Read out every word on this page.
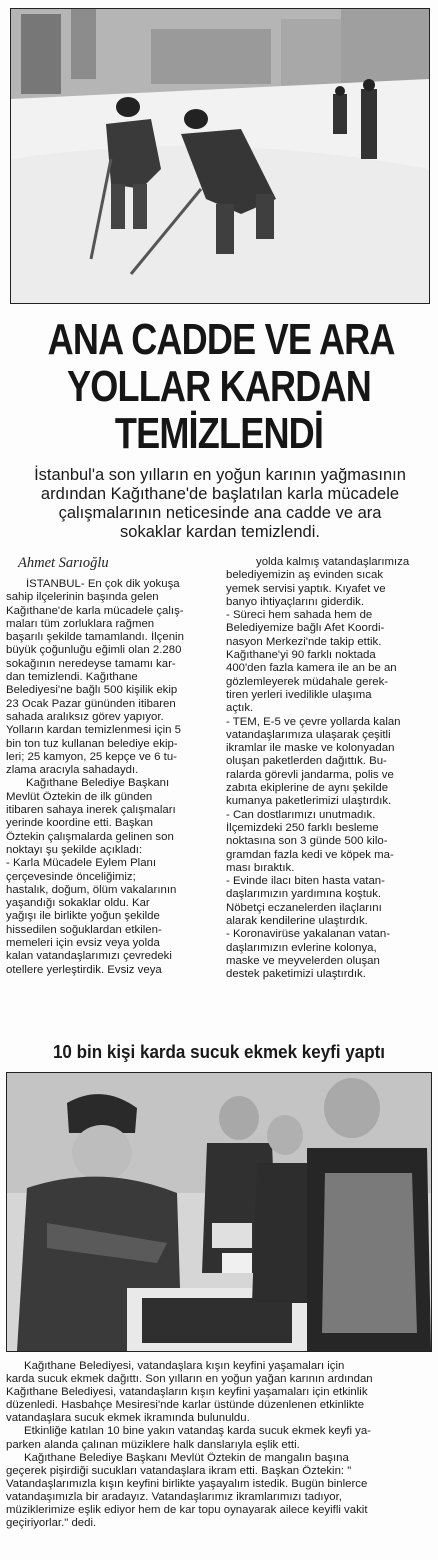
ANA CADDE VE ARA
YOLLAR KARDAN
TEMİZLENDİ
İstanbul'a son yılların en yoğun karının yağmasının
ardından Kağıthane'de başlatılan karla mücadele
çalışmalarının neticesinde ana cadde ve ara
sokaklar kardan temizlendi.
Ahmet Sarıoğlu
İSTANBUL- En çok dik yokuşa
sahip ilçelerinin başında gelen
Kağıthane'de karla mücadele çalış-
maları tüm zorluklara rağmen
başarılı şekilde tamamlandı. İlçenin
büyük çoğunluğu eğimli olan 2.280
sokağının neredeyse tamamı kar-
dan temizlendi. Kağıthane
Belediyesi'ne bağlı 500 kişilik ekip
23 Ocak Pazar gününden itibaren
sahada aralıksız görev yapıyor.
Yolların kardan temizlenmesi için 5
bin ton tuz kullanan belediye ekip-
leri; 25 kamyon, 25 kepçe ve 6 tu-
zlama aracıyla sahadaydı.
Kağıthane Belediye Başkanı
Mevlüt Öztekin de ilk günden
itibaren sahaya inerek çalışmaları
yerinde koordine etti. Başkan
Öztekin çalışmalarda gelinen son
noktayı şu şekilde açıkladı:
- Karla Mücadele Eylem Planı
çerçevesinde önceliğimiz;
hastalık, doğum, ölüm vakalarının
yaşandığı sokaklar oldu. Kar
yağışı ile birlikte yoğun şekilde
hissedilen soğuklardan etkilen-
memeleri için evsiz veya yolda
kalan vatandaşlarımızı çevredeki
otellere yerleştirdik. Evsiz veya
yolda kalmış vatandaşlarımıza
belediyemizin aş evinden sıcak
yemek servisi yaptık. Kıyafet ve
banyo ihtiyaçlarını giderdik.
- Süreci hem sahada hem de
Belediyemize bağlı Afet Koordi-
nasyon Merkezi'nde takip ettik.
Kağıthane'yi 90 farklı noktada
400'den fazla kamera ile an be an
gözlemleyerek müdahale gerek-
tiren yerleri ivedilikle ulaşıma
açtık.
- TEM, E-5 ve çevre yollarda kalan
vatandaşlarımıza ulaşarak çeşitli
ikramlar ile maske ve kolonyadan
oluşan paketlerden dağıttık. Bu-
ralarda görevli jandarma, polis ve
zabıta ekiplerine de aynı şekilde
kumanya paketlerimizi ulaştırdık.
- Can dostlarımızı unutmadık.
İlçemizdeki 250 farklı besleme
noktasına son 3 günde 500 kilo-
gramdan fazla kedi ve köpek ma-
ması bıraktık.
- Evinde ilacı biten hasta vatan-
daşlarımızın yardımına koştuk.
Nöbetçi eczanelerden ilaçlarını
alarak kendilerine ulaştırdık.
- Koronavirüse yakalanan vatan-
daşlarımızın evlerine kolonya,
maske ve meyvelerden oluşan
destek paketimizi ulaştırdık.
10 bin kişi karda sucuk ekmek keyfi yaptı
Kağıthane Belediyesi, vatandaşlara kışın keyfini yaşamaları için
karda sucuk ekmek dağıttı. Son yılların en yoğun yağan karının ardından
Kağıthane Belediyesi, vatandaşların kışın keyfini yaşamaları için etkinlik
düzenledi. Hasbahçe Mesiresi'nde karlar üstünde düzenlenen etkinlikte
vatandaşlara sucuk ekmek ikramında bulunuldu.
Etkinliğe katılan 10 bine yakın vatandaş karda sucuk ekmek keyfi ya-
parken alanda çalınan müziklere halk danslarıyla eşlik etti.
Kağıthane Belediye Başkanı Mevlüt Öztekin de mangalın başına
geçerek pişirdiği sucukları vatandaşlara ikram etti. Başkan Öztekin: "
Vatandaşlarımızla kışın keyfini birlikte yaşayalım istedik. Bugün binlerce
vatandaşımızla bir aradayız. Vatandaşlarımız ikramlarımızı tadıyor,
müziklerimize eşlik ediyor hem de kar topu oynayarak ailece keyifli vakit
geçiriyorlar." dedi.
